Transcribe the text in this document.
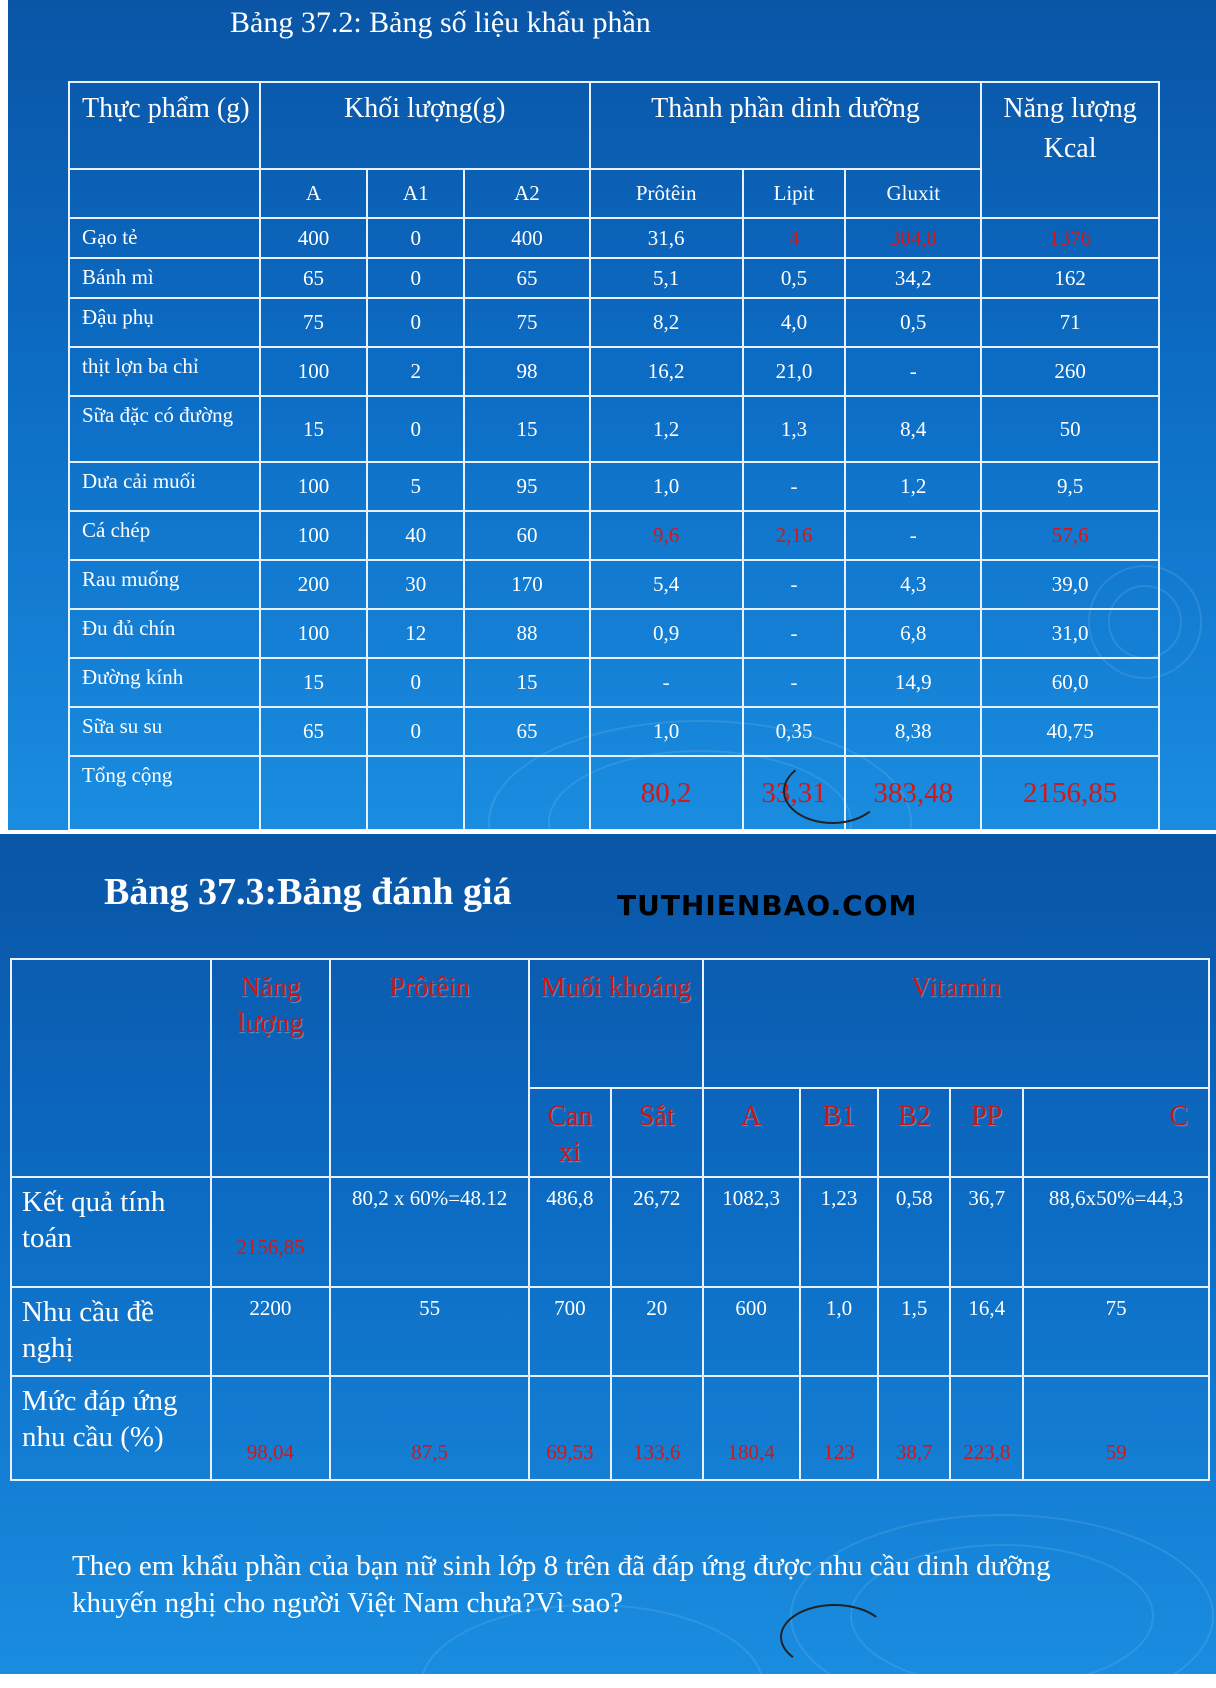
Bảng 37.2: Bảng số liệu khẩu phần
Thực phẩm (g)	Khối lượng(g)			Thành phần dinh dưỡng			Năng lượng Kcal
	A	A1	A2	Prôtêin	Lipit	Gluxit	
Gạo tẻ	400	0	400	31,6	4	304,8	1376
Bánh mì	65	0	65	5,1	0,5	34,2	162
Đậu phụ	75	0	75	8,2	4,0	0,5	71
thịt lợn ba chỉ	100	2	98	16,2	21,0	-	260
Sữa đặc có đường	15	0	15	1,2	1,3	8,4	50
Dưa cải muối	100	5	95	1,0	-	1,2	9,5
Cá chép	100	40	60	9,6	2,16	-	57,6
Rau muống	200	30	170	5,4	-	4,3	39,0
Đu đủ chín	100	12	88	0,9	-	6,8	31,0
Đường kính	15	0	15	-	-	14,9	60,0
Sữa su su	65	0	65	1,0	0,35	8,38	40,75
Tổng cộng				80,2	33,31	383,48	2156,85
Bảng 37.3:Bảng đánh giá	TUTHIENBAO.COM
	Năng lượng	Prôtêin	Muối khoáng		Vitamin				
			Can xi	Sắt	A	B1	B2	PP	C
Kết quả tính toán	2156,85	80,2 x 60%=48.12	486,8	26,72	1082,3	1,23	0,58	36,7	88,6x50%=44,3
Nhu cầu đề nghị	2200	55	700	20	600	1,0	1,5	16,4	75
Mức đáp ứng nhu cầu (%)	98,04	87,5	69,53	133,6	180,4	123	38,7	223,8	59
Theo em khẩu phần của bạn nữ sinh lớp 8 trên đã đáp ứng được nhu cầu dinh dưỡng khuyến nghị cho người Việt Nam chưa?Vì sao?
